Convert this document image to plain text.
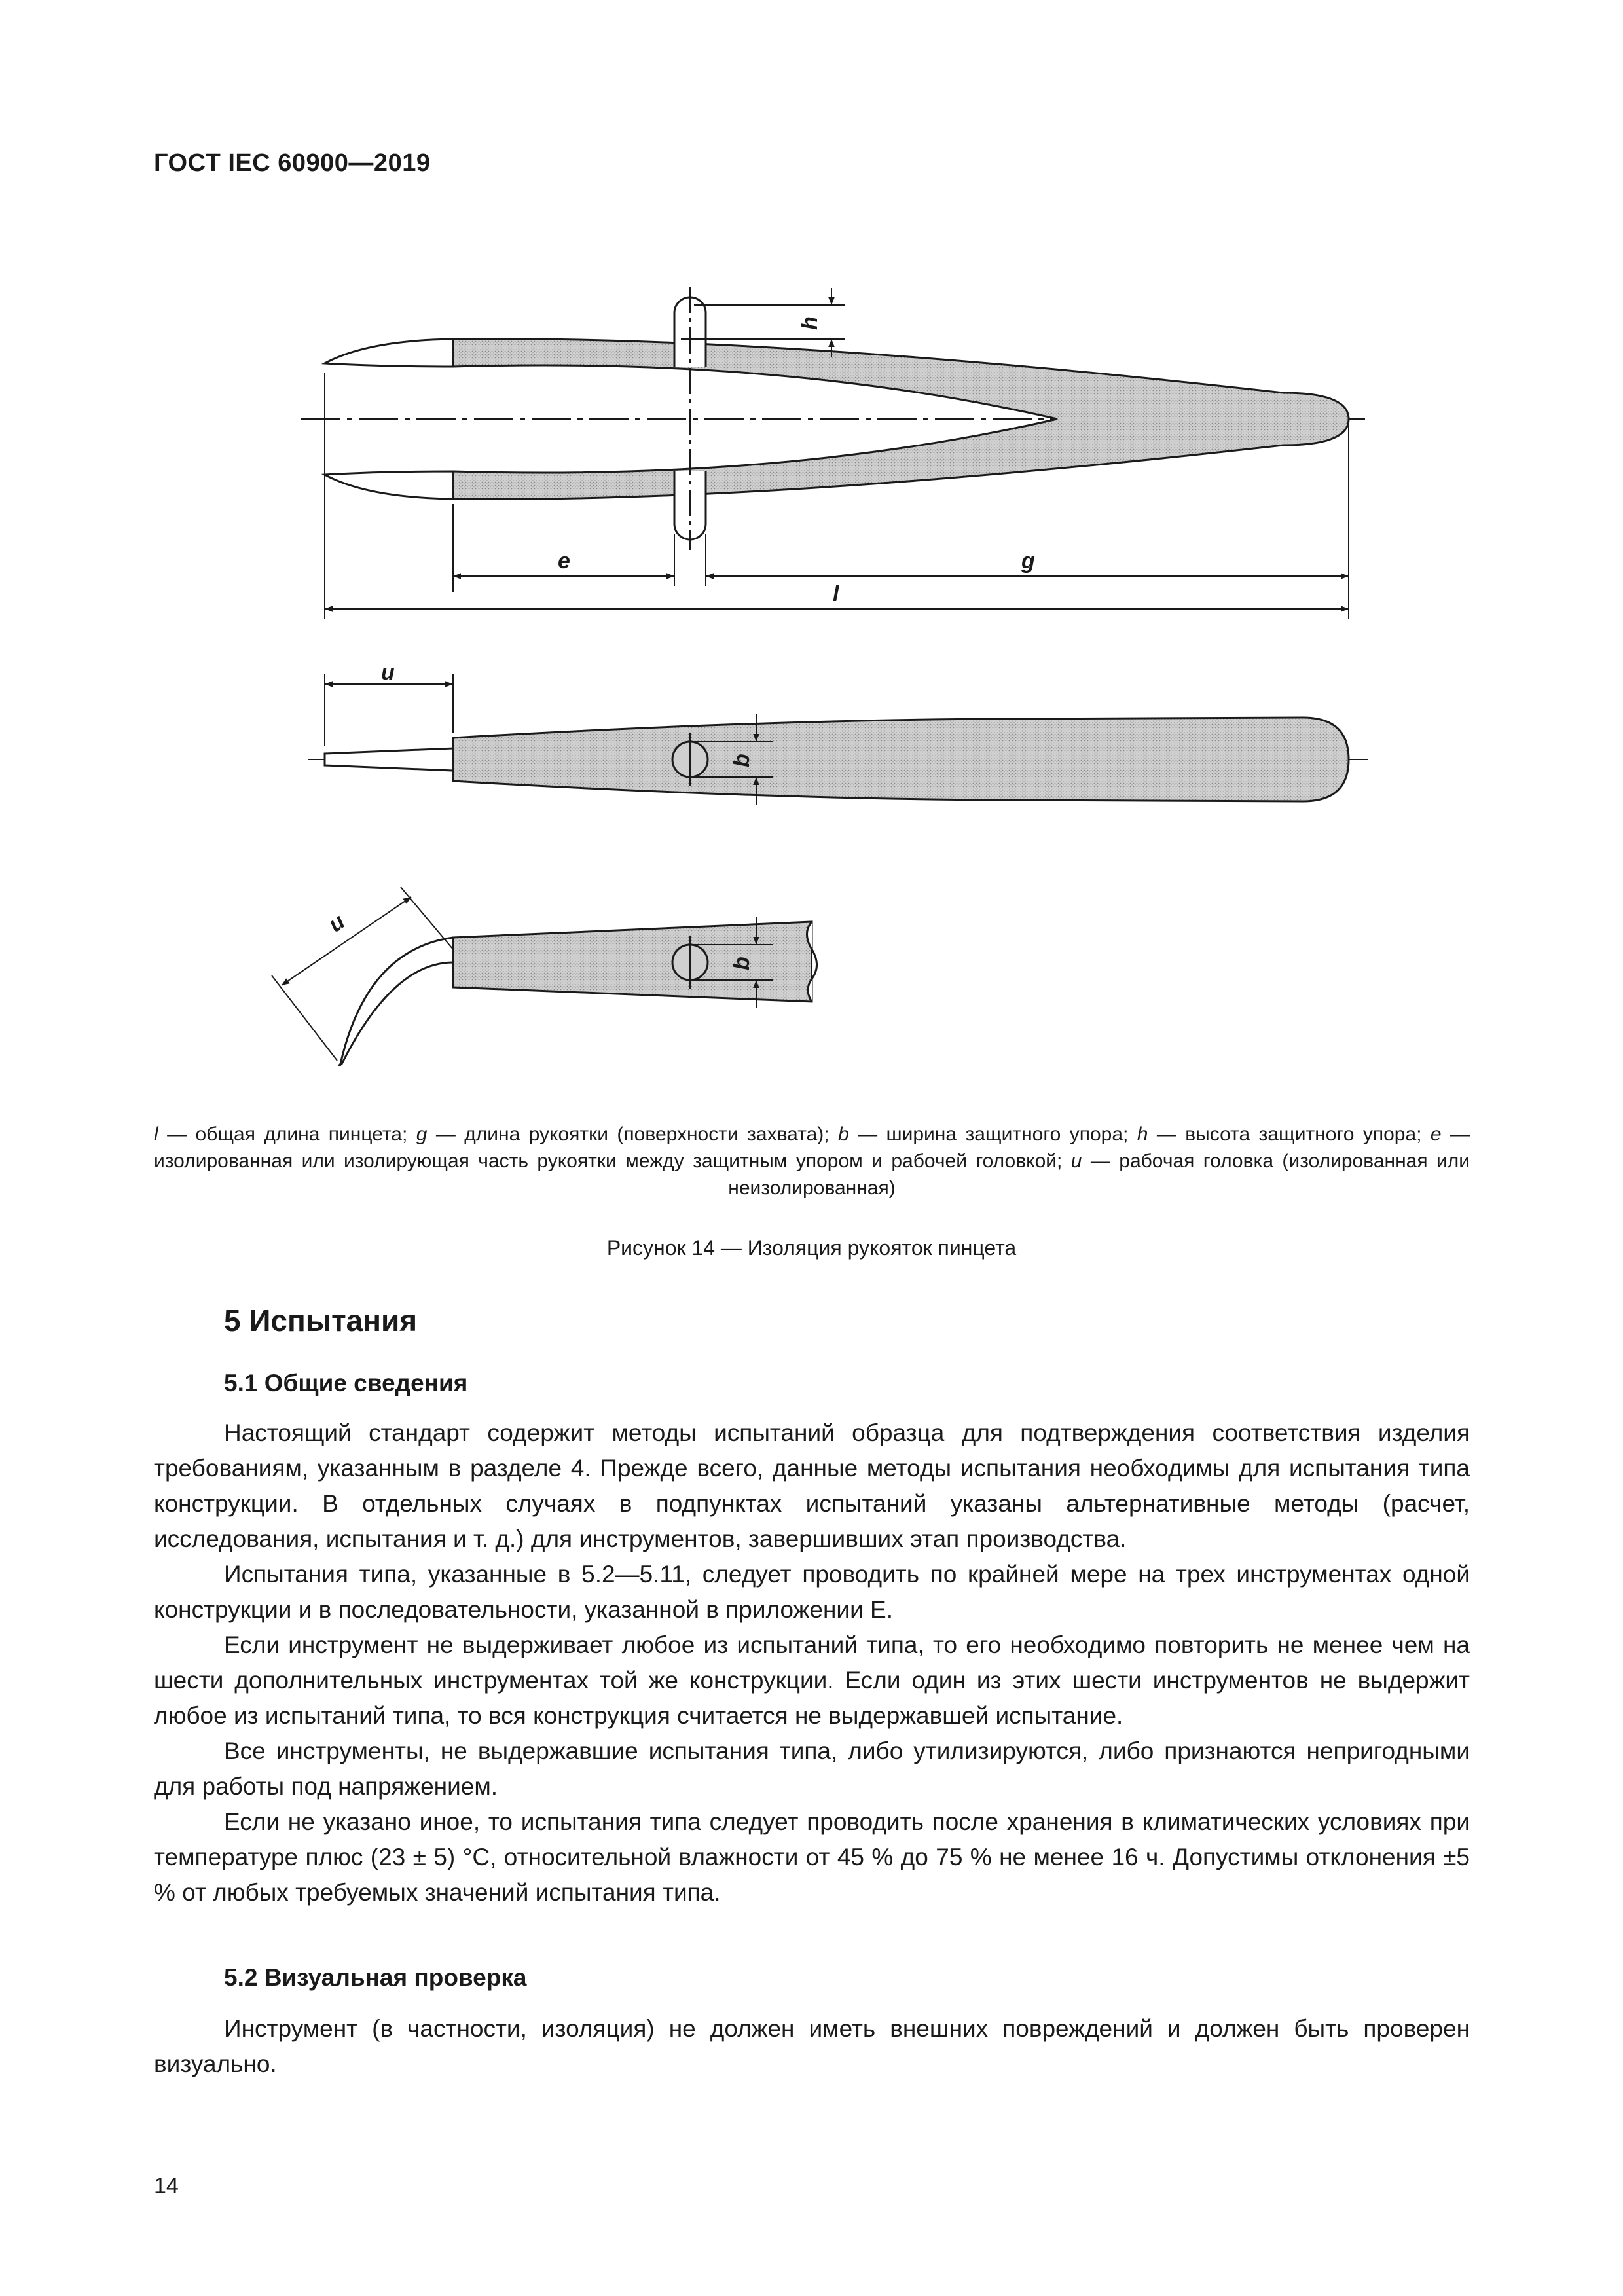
ГОСТ IEC 60900—2019
h
e	g
l
u
b
u
b
l — общая длина пинцета; g — длина рукоятки (поверхности захвата); b — ширина защитного упора; h — высота защитного упора; e — изолированная или изолирующая часть рукоятки между защитным упором и рабочей головкой; u — рабочая головка (изолированная или неизолированная)
Рисунок 14 — Изоляция рукояток пинцета
5 Испытания
5.1 Общие сведения

Настоящий стандарт содержит методы испытаний образца для подтверждения соответствия изделия требованиям, указанным в разделе 4. Прежде всего, данные методы испытания необходимы для испытания типа конструкции. В отдельных случаях в подпунктах испытаний указаны альтернативные методы (расчет, исследования, испытания и т. д.) для инструментов, завершивших этап производства.

Испытания типа, указанные в 5.2—5.11, следует проводить по крайней мере на трех инструментах одной конструкции и в последовательности, указанной в приложении Е.

Если инструмент не выдерживает любое из испытаний типа, то его необходимо повторить не менее чем на шести дополнительных инструментах той же конструкции. Если один из этих шести инструментов не выдержит любое из испытаний типа, то вся конструкция считается не выдержавшей испытание.

Все инструменты, не выдержавшие испытания типа, либо утилизируются, либо признаются непригодными для работы под напряжением.

Если не указано иное, то испытания типа следует проводить после хранения в климатических условиях при температуре плюс (23 ± 5) °С, относительной влажности от 45 % до 75 % не менее 16 ч. Допустимы отклонения ±5 % от любых требуемых значений испытания типа.

5.2 Визуальная проверка

Инструмент (в частности, изоляция) не должен иметь внешних повреждений и должен быть проверен визуально.

14
